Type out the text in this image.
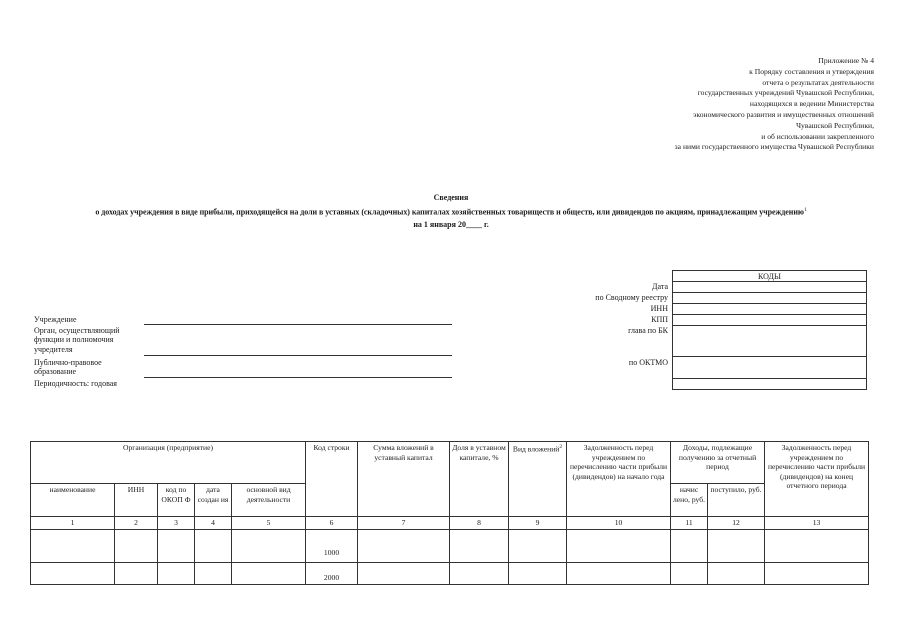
Приложение № 4
к Порядку составления и утверждения
отчета о результатах деятельности
государственных учреждений Чувашской Республики,
находящихся в ведении Министерства
экономического развития и имущественных отношений
Чувашской Республики,
и об использовании закрепленного
за ними государственного имущества Чувашской Республики
Сведения
о доходах учреждения в виде прибыли, приходящейся на доли в уставных (складочных) капиталах хозяйственных товариществ и обществ, или дивидендов по акциям, принадлежащим учреждению$^1$
на 1 января 20____ г.
Учреждение
Орган, осуществляющий функции и полномочия учредителя
Публично-правовое образование
Периодичность: годовая
Дата
по Сводному реестру
ИНН
КПП
глава по БК
по ОКТМО
КОДЫ

Организация (предприятие)					Код строки	Сумма вложений в уставный капитал	Доля в уставном капитале, %	Вид вложений$^2$	Задолженность перед учреждением по перечислению части прибыли (дивидендов) на начало года	Доходы, подлежащие получению за отчетный период		Задолженность перед учреждением по перечислению части прибыли (дивидендов) на конец отчетного периода
наименование	ИНН	код по ОКОП Ф	дата создан ия	основной вид деятельности						начис лено, руб.	поступило, руб.	
1	2	3	4	5	6	7	8	9	10	11	12	13
					1000							
					2000							
